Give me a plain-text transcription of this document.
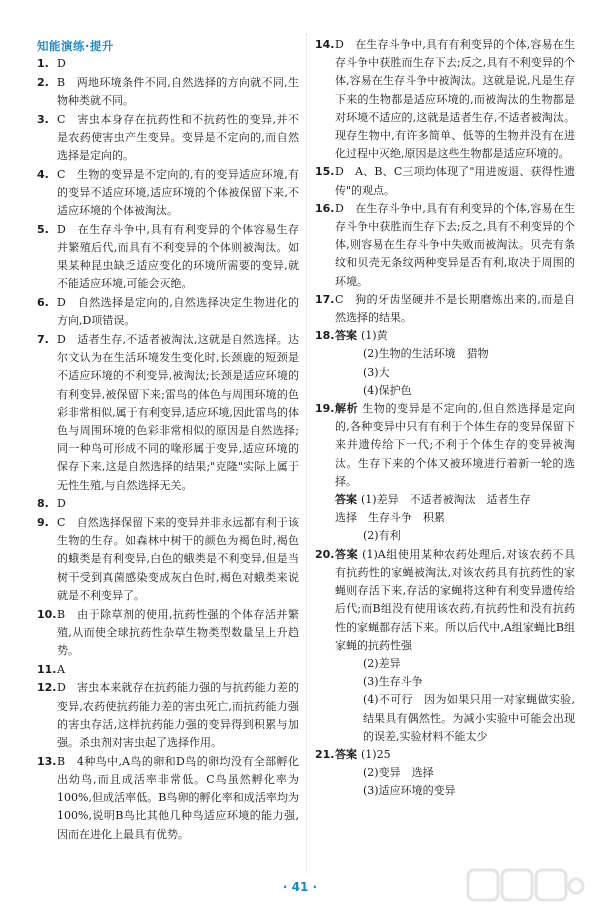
知能演练·提升
1. D
2. B　两地环境条件不同,自然选择的方向就不同,生物种类就不同。
3. C　害虫本身存在抗药性和不抗药性的变异,并不是农药使害虫产生变异。变异是不定向的,而自然选择是定向的。
4. C　生物的变异是不定向的,有的变异适应环境,有的变异不适应环境,适应环境的个体被保留下来,不适应环境的个体被淘汰。
5. D　在生存斗争中,具有有利变异的个体容易生存并繁殖后代,而具有不利变异的个体则被淘汰。如果某种昆虫缺乏适应变化的环境所需要的变异,就不能适应环境,可能会灭绝。
6. D　自然选择是定向的,自然选择决定生物进化的方向,D项错误。
7. D　适者生存,不适者被淘汰,这就是自然选择。达尔文认为在生活环境发生变化时,长颈鹿的短颈是不适应环境的不利变异,被淘汰;长颈是适应环境的有利变异,被保留下来;雷鸟的体色与周围环境的色彩非常相似,属于有利变异,适应环境,因此雷鸟的体色与周围环境的色彩非常相似的原因是自然选择;同一种鸟可形成不同的喙形属于变异,适应环境的保存下来,这是自然选择的结果;"克隆"实际上属于无性生殖,与自然选择无关。
8. D
9. C　自然选择保留下来的变异并非永远都有利于该生物的生存。如森林中树干的颜色为褐色时,褐色的蛾类是有利变异,白色的蛾类是不利变异,但是当树干受到真菌感染变成灰白色时,褐色对蛾类来说就是不利变异了。
10. B　由于除草剂的使用,抗药性强的个体存活并繁殖,从而使全球抗药性杂草生物类型数量呈上升趋势。
11. A
12. D　害虫本来就存在抗药能力强的与抗药能力差的变异,农药使抗药能力差的害虫死亡,而抗药能力强的害虫存活,这样抗药能力强的变异得到积累与加强。杀虫剂对害虫起了选择作用。
13. B　4种鸟中,A鸟的卵和D鸟的卵均没有全部孵化出幼鸟,而且成活率非常低。C鸟虽然孵化率为100%,但成活率低。B鸟卵的孵化率和成活率均为100%,说明B鸟比其他几种鸟适应环境的能力强,因而在进化上最具有优势。
14. D　在生存斗争中,具有有利变异的个体,容易在生存斗争中获胜而生存下去;反之,具有不利变异的个体,容易在生存斗争中被淘汰。这就是说,凡是生存下来的生物都是适应环境的,而被淘汰的生物都是对环境不适应的,这就是适者生存,不适者被淘汰。现存生物中,有许多简单、低等的生物并没有在进化过程中灭绝,原因是这些生物都是适应环境的。
15. D　A、B、C三项均体现了"用进废退、获得性遗传"的观点。
16. D　在生存斗争中,具有有利变异的个体,容易在生存斗争中获胜而生存下去;反之,具有不利变异的个体,则容易在生存斗争中失败而被淘汰。贝壳有条纹和贝壳无条纹两种变异是否有利,取决于周围的环境。
17. C　狗的牙齿坚硬并不是长期磨炼出来的,而是自然选择的结果。
18. 答案 (1)黄
(2)生物的生活环境　猎物
(3)大
(4)保护色
19. 解析 生物的变异是不定向的,但自然选择是定向的,各种变异中只有有利于个体生存的变异保留下来并遗传给下一代;不利于个体生存的变异被淘汰。生存下来的个体又被环境进行着新一轮的选择。
答案 (1)差异　不适者被淘汰　适者生存
选择　生存斗争　积累
(2)有利
20. 答案 (1)A组使用某种农药处理后,对该农药不具有抗药性的家蝇被淘汰,对该农药具有抗药性的家蝇则存活下来,存活的家蝇将这种有利变异遗传给后代;而B组没有使用该农药,有抗药性和没有抗药性的家蝇都存活下来。所以后代中,A组家蝇比B组家蝇的抗药性强
(2)差异
(3)生存斗争
(4)不可行　因为如果只用一对家蝇做实验,结果具有偶然性。为减小实验中可能会出现的误差,实验材料不能太少
21. 答案 (1)25
(2)变异　选择
(3)适应环境的变异
· 41 ·
